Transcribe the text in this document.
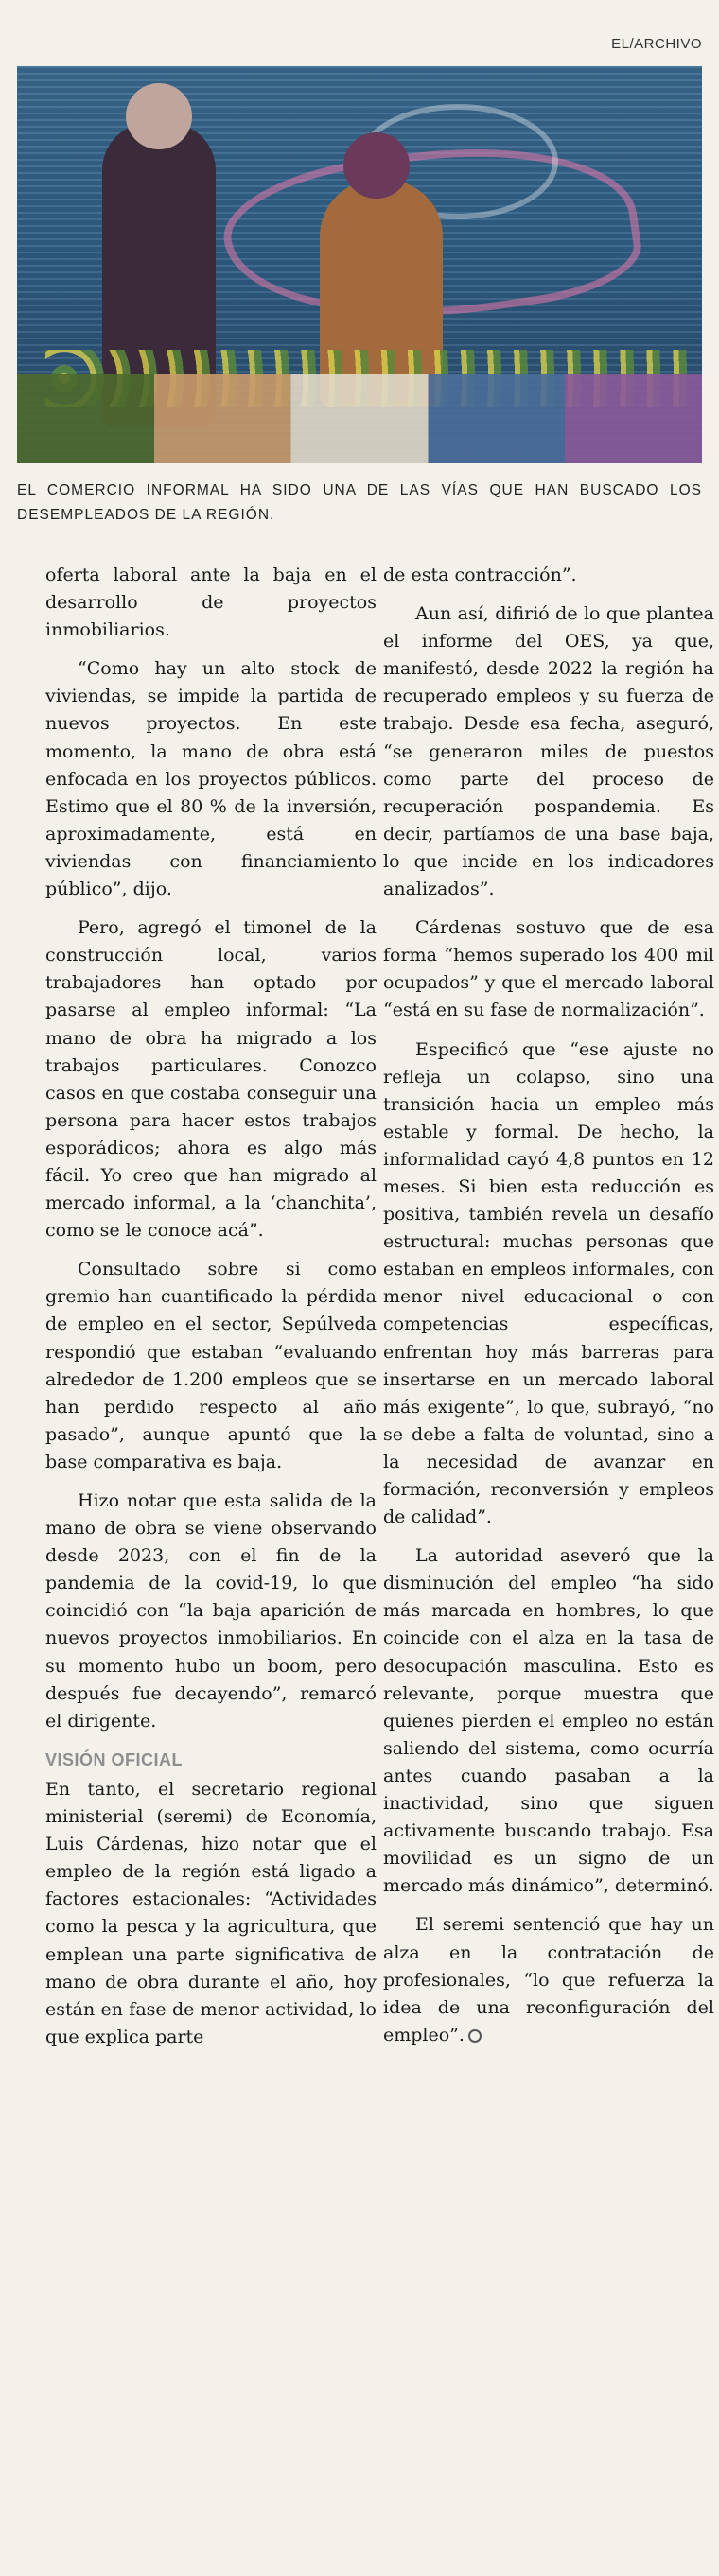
EL/ARCHIVO
EL COMERCIO INFORMAL HA SIDO UNA DE LAS VÍAS QUE HAN BUSCADO LOS DESEMPLEADOS DE LA REGIÓN.

oferta laboral ante la baja en el desarrollo de proyectos inmobiliarios.

“Como hay un alto stock de viviendas, se impide la partida de nuevos proyectos. En este momento, la mano de obra está enfocada en los proyectos públicos. Estimo que el 80 % de la inversión, aproximadamente, está en viviendas con financiamiento público”, dijo.

Pero, agregó el timonel de la construcción local, varios trabajadores han optado por pasarse al empleo informal: “La mano de obra ha migrado a los trabajos particulares. Conozco casos en que costaba conseguir una persona para hacer estos trabajos esporádicos; ahora es algo más fácil. Yo creo que han migrado al mercado informal, a la ‘chanchita’, como se le conoce acá”.

Consultado sobre si como gremio han cuantificado la pérdida de empleo en el sector, Sepúlveda respondió que estaban “evaluando alrededor de 1.200 empleos que se han perdido respecto al año pasado”, aunque apuntó que la base comparativa es baja.

Hizo notar que esta salida de la mano de obra se viene observando desde 2023, con el fin de la pandemia de la covid-19, lo que coincidió con “la baja aparición de nuevos proyectos inmobiliarios. En su momento hubo un boom, pero después fue decayendo”, remarcó el dirigente.

VISIÓN OFICIAL

En tanto, el secretario regional ministerial (seremi) de Economía, Luis Cárdenas, hizo notar que el empleo de la región está ligado a factores estacionales: “Actividades como la pesca y la agricultura, que emplean una parte significativa de mano de obra durante el año, hoy están en fase de menor actividad, lo que explica parte

de esta contracción”.

Aun así, difirió de lo que plantea el informe del OES, ya que, manifestó, desde 2022 la región ha recuperado empleos y su fuerza de trabajo. Desde esa fecha, aseguró, “se generaron miles de puestos como parte del proceso de recuperación pospandemia. Es decir, partíamos de una base baja, lo que incide en los indicadores analizados”.

Cárdenas sostuvo que de esa forma “hemos superado los 400 mil ocupados” y que el mercado laboral “está en su fase de normalización”.

Especificó que “ese ajuste no refleja un colapso, sino una transición hacia un empleo más estable y formal. De hecho, la informalidad cayó 4,8 puntos en 12 meses. Si bien esta reducción es positiva, también revela un desafío estructural: muchas personas que estaban en empleos informales, con menor nivel educacional o con competencias específicas, enfrentan hoy más barreras para insertarse en un mercado laboral más exigente”, lo que, subrayó, “no se debe a falta de voluntad, sino a la necesidad de avanzar en formación, reconversión y empleos de calidad”.

La autoridad aseveró que la disminución del empleo “ha sido más marcada en hombres, lo que coincide con el alza en la tasa de desocupación masculina. Esto es relevante, porque muestra que quienes pierden el empleo no están saliendo del sistema, como ocurría antes cuando pasaban a la inactividad, sino que siguen activamente buscando trabajo. Esa movilidad es un signo de un mercado más dinámico”, determinó.

El seremi sentenció que hay un alza en la contratación de profesionales, “lo que refuerza la idea de una reconfiguración del empleo”.
